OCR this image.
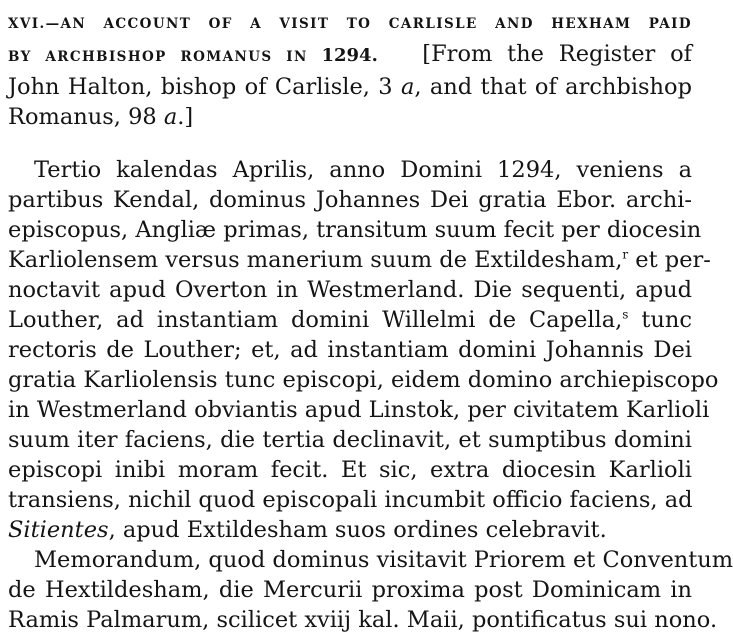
XVI.—AN ACCOUNT OF A VISIT TO CARLISLE AND HEXHAM PAID
BY ARCHBISHOP ROMANUS IN 1294. [From the Register of
John Halton, bishop of Carlisle, 3 a, and that of archbishop
Romanus, 98 a.]

Tertio kalendas Aprilis, anno Domini 1294, veniens a
partibus Kendal, dominus Johannes Dei gratia Ebor. archi-
episcopus, Angliæ primas, transitum suum fecit per diocesin
Karliolensem versus manerium suum de Extildesham,$^r$ et per-
noctavit apud Overton in Westmerland. Die sequenti, apud
Louther, ad instantiam domini Willelmi de Capella,$^s$ tunc
rectoris de Louther; et, ad instantiam domini Johannis Dei
gratia Karliolensis tunc episcopi, eidem domino archiepiscopo
in Westmerland obviantis apud Linstok, per civitatem Karlioli
suum iter faciens, die tertia declinavit, et sumptibus domini
episcopi inibi moram fecit. Et sic, extra diocesin Karlioli
transiens, nichil quod episcopali incumbit officio faciens, ad
Sitientes, apud Extildesham suos ordines celebravit.

Memorandum, quod dominus visitavit Priorem et Conventum
de Hextildesham, die Mercurii proxima post Dominicam in
Ramis Palmarum, scilicet xviij kal. Maii, pontificatus sui nono.
